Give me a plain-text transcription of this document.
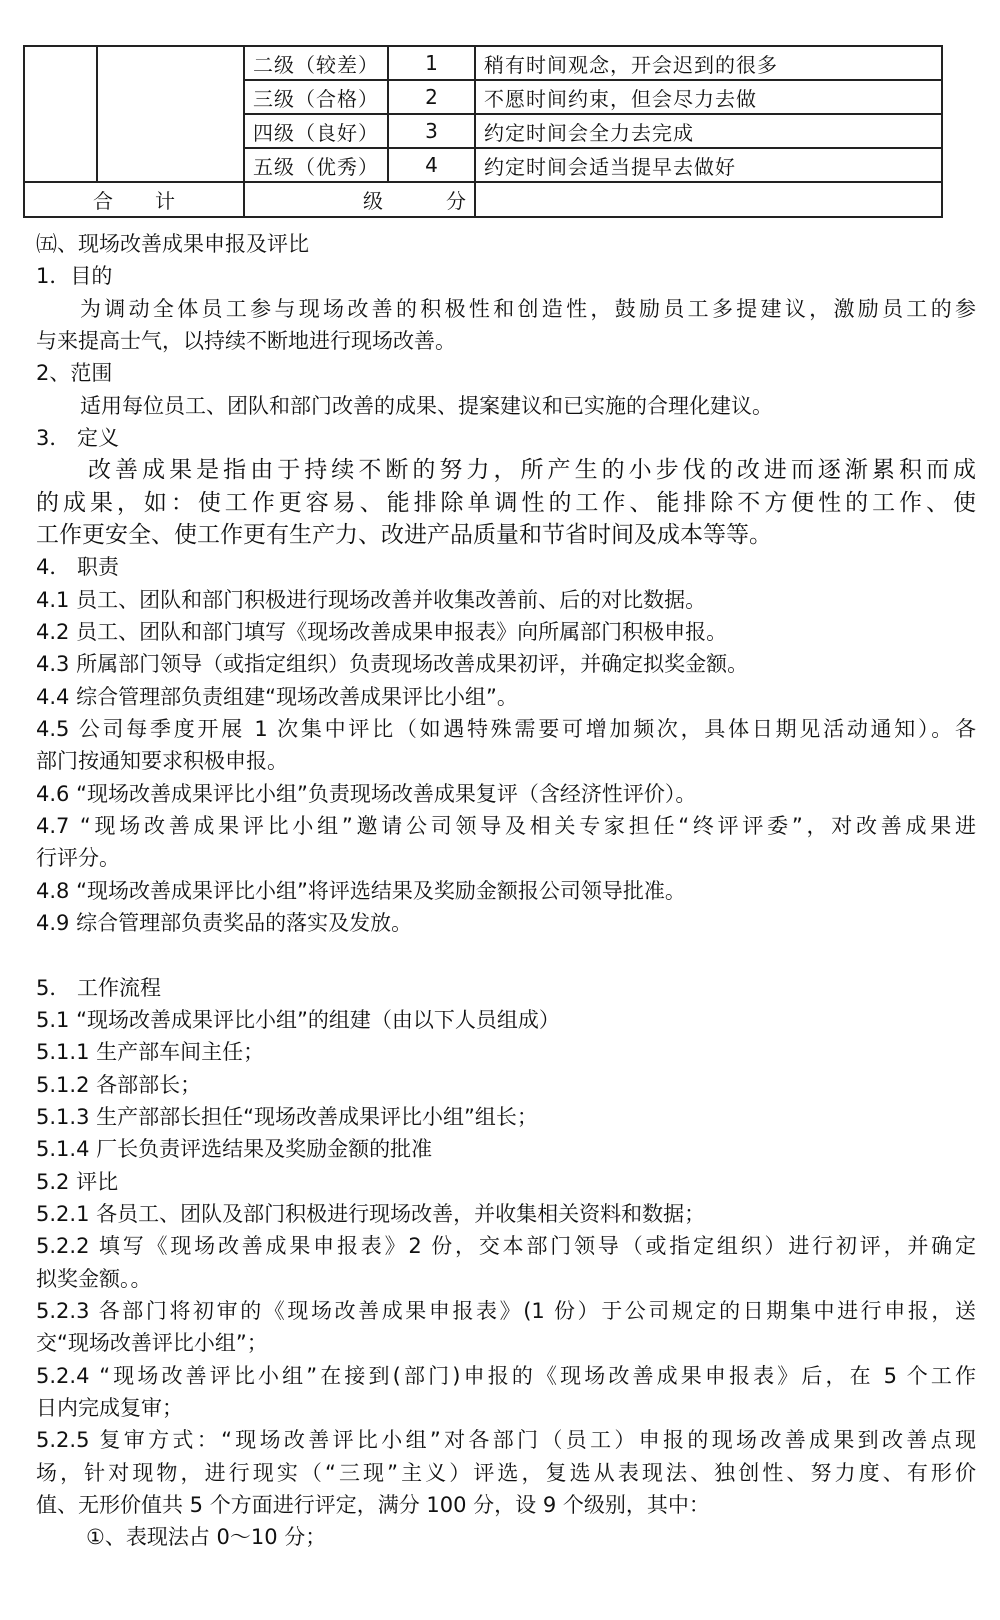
		二级（较差）	1	稍有时间观念，开会迟到的很多
		三级（合格）	2	不愿时间约束，但会尽力去做
		四级（良好）	3	约定时间会全力去完成
		五级（优秀）	4	约定时间会适当提早去做好

合 计		级 分		

㈤、现场改善成果申报及评比
1．目的
为调动全体员工参与现场改善的积极性和创造性，鼓励员工多提建议，激励员工的参
与来提高士气，以持续不断地进行现场改善。
2、范围
适用每位员工、团队和部门改善的成果、提案建议和已实施的合理化建议。
3． 定义
改善成果是指由于持续不断的努力，所产生的小步伐的改进而逐渐累积而成
的成果，如：使工作更容易、能排除单调性的工作、能排除不方便性的工作、使
工作更安全、使工作更有生产力、改进产品质量和节省时间及成本等等。
4． 职责
4.1 员工、团队和部门积极进行现场改善并收集改善前、后的对比数据。
4.2 员工、团队和部门填写《现场改善成果申报表》向所属部门积极申报。
4.3 所属部门领导（或指定组织）负责现场改善成果初评，并确定拟奖金额。
4.4 综合管理部负责组建“现场改善成果评比小组”。
4.5 公司每季度开展 1 次集中评比（如遇特殊需要可增加频次，具体日期见活动通知）。各
部门按通知要求积极申报。
4.6 “现场改善成果评比小组”负责现场改善成果复评（含经济性评价）。
4.7 “现场改善成果评比小组”邀请公司领导及相关专家担任“终评评委”，对改善成果进
行评分。
4.8 “现场改善成果评比小组”将评选结果及奖励金额报公司领导批准。
4.9 综合管理部负责奖品的落实及发放。
5． 工作流程
5.1 “现场改善成果评比小组”的组建（由以下人员组成）
5.1.1 生产部车间主任；
5.1.2 各部部长；
5.1.3 生产部部长担任“现场改善成果评比小组”组长；
5.1.4 厂长负责评选结果及奖励金额的批准
5.2 评比
5.2.1 各员工、团队及部门积极进行现场改善，并收集相关资料和数据；
5.2.2 填写《现场改善成果申报表》2 份，交本部门领导（或指定组织）进行初评，并确定
拟奖金额。。
5.2.3 各部门将初审的《现场改善成果申报表》(1 份）于公司规定的日期集中进行申报，送
交“现场改善评比小组”；
5.2.4 “现场改善评比小组”在接到(部门)申报的《现场改善成果申报表》后，在 5 个工作
日内完成复审；
5.2.5 复审方式：“现场改善评比小组”对各部门（员工）申报的现场改善成果到改善点现
场，针对现物，进行现实（“三现”主义）评选，复选从表现法、独创性、努力度、有形价
值、无形价值共 5 个方面进行评定，满分 100 分，设 9 个级别，其中：
①、表现法占 0～10 分；
